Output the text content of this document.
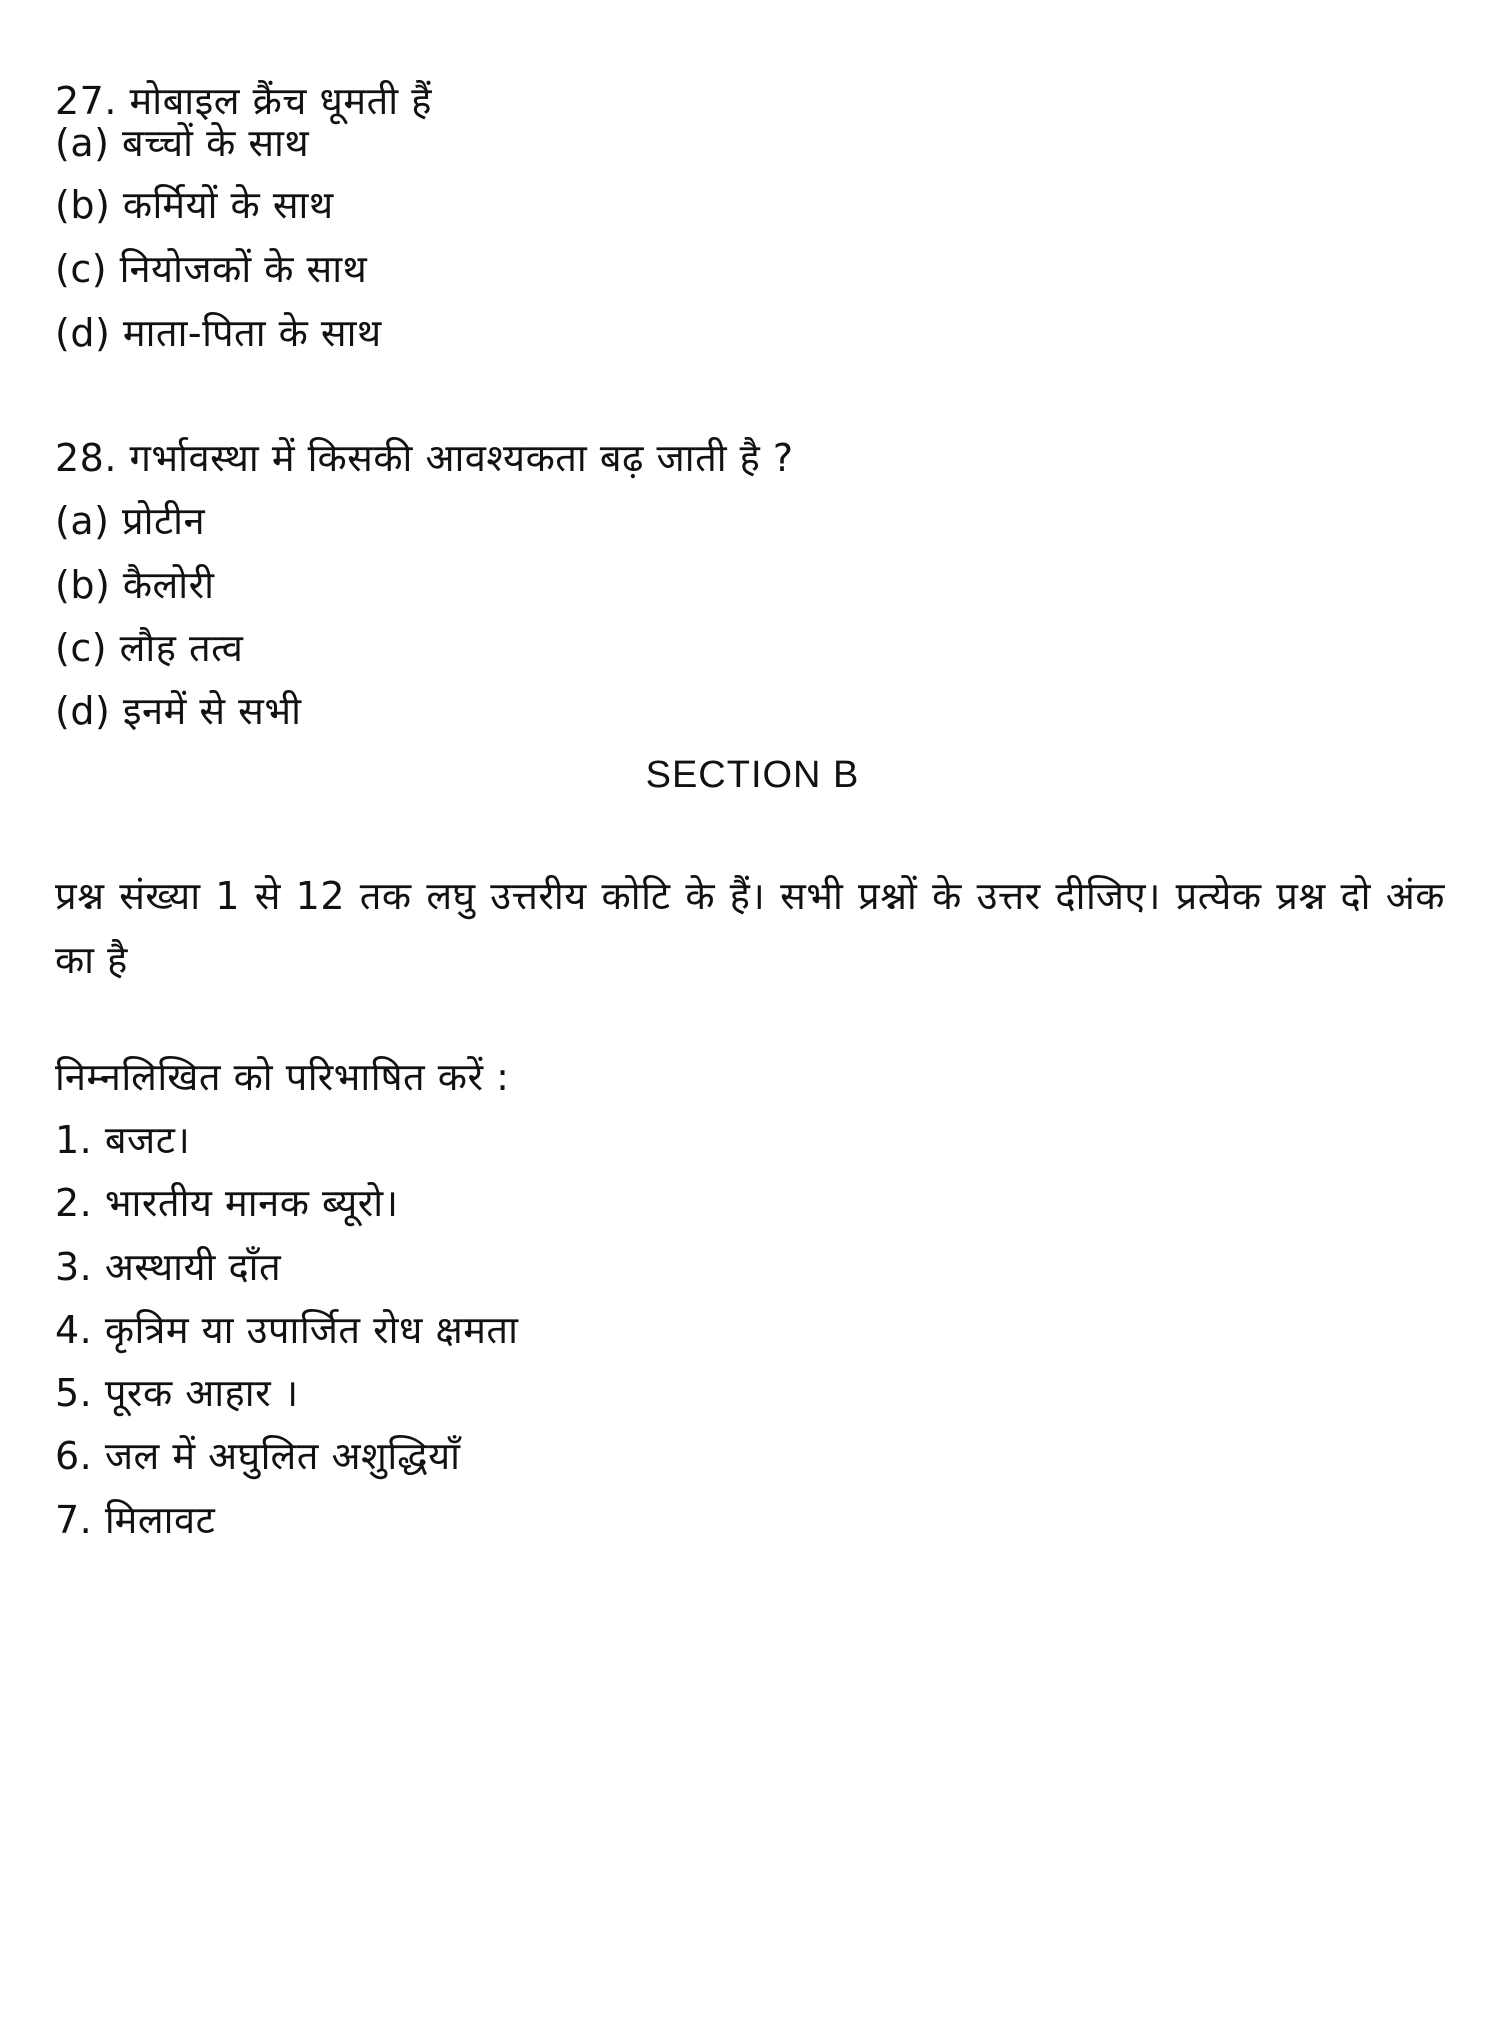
27. मोबाइल क्रैंच धूमती हैं
(a) बच्चों के साथ
(b) कर्मियों के साथ
(c) नियोजकों के साथ
(d) माता-पिता के साथ
28. गर्भावस्था में किसकी आवश्यकता बढ़ जाती है ?
(a) प्रोटीन
(b) कैलोरी
(c) लौह तत्व
(d) इनमें से सभी
SECTION B
प्रश्न संख्या 1 से 12 तक लघु उत्तरीय कोटि के हैं। सभी प्रश्नों के उत्तर दीजिए। प्रत्येक प्रश्न दो अंक का है
निम्नलिखित को परिभाषित करें :
1. बजट।
2. भारतीय मानक ब्यूरो।
3. अस्थायी दाँत
4. कृत्रिम या उपार्जित रोध क्षमता
5. पूरक आहार ।
6. जल में अघुलित अशुद्धियाँ
7. मिलावट
